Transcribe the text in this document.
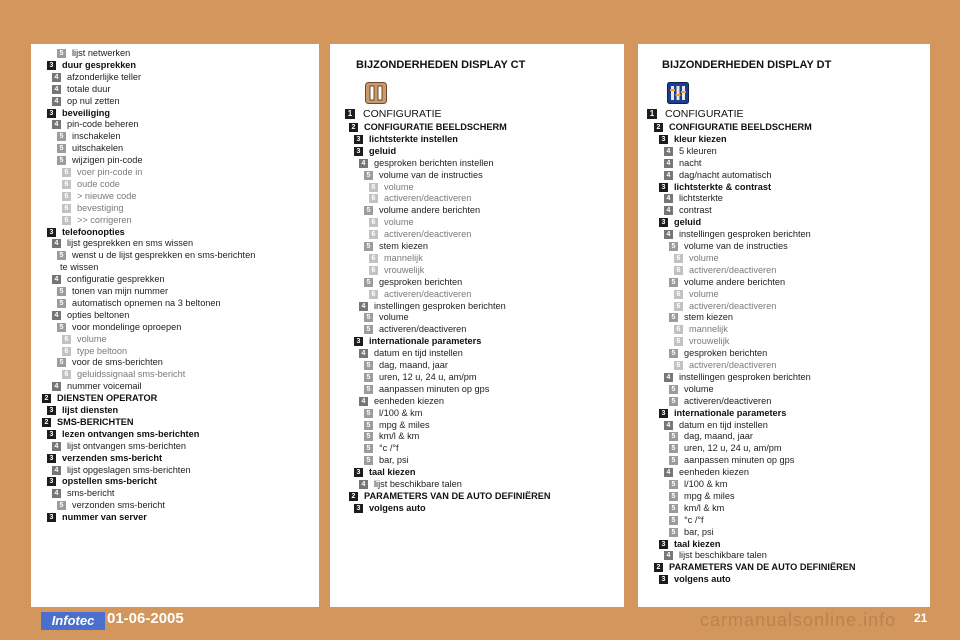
BIJZONDERHEDEN DISPLAY CT
1 CONFIGURATIE
2 CONFIGURATIE BEELDSCHERM
3 lichtsterkte instellen
3 geluid
4 gesproken berichten instellen
5 volume van de instructies
6 volume
6 activeren/deactiveren
5 volume andere berichten
6 volume
6 activeren/deactiveren
5 stem kiezen
6 mannelijk
6 vrouwelijk
5 gesproken berichten
6 activeren/deactiveren
4 instellingen gesproken berichten
5 volume
5 activeren/deactiveren
3 internationale parameters
4 datum en tijd instellen
5 dag, maand, jaar
5 uren, 12 u, 24 u, am/pm
5 aanpassen minuten op gps
4 eenheden kiezen
5 l/100 & km
5 mpg & miles
5 km/l & km
5 °c /°f
5 bar, psi
3 taal kiezen
4 lijst beschikbare talen
2 PARAMETERS VAN DE AUTO DEFINIËREN
3 volgens auto
BIJZONDERHEDEN DISPLAY DT
1 CONFIGURATIE
2 CONFIGURATIE BEELDSCHERM
3 kleur kiezen
4 5 kleuren
4 nacht
4 dag/nacht automatisch
3 lichtsterkte & contrast
4 lichtsterkte
4 contrast
3 geluid
4 instellingen gesproken berichten
5 volume van de instructies
6 volume
6 activeren/deactiveren
5 volume andere berichten
6 volume
6 activeren/deactiveren
5 stem kiezen
6 mannelijk
6 vrouwelijk
5 gesproken berichten
6 activeren/deactiveren
4 instellingen gesproken berichten
5 volume
5 activeren/deactiveren
3 internationale parameters
4 datum en tijd instellen
5 dag, maand, jaar
5 uren, 12 u, 24 u, am/pm
5 aanpassen minuten op gps
4 eenheden kiezen
5 l/100 & km
5 mpg & miles
5 km/l & km
5 °c /°f
5 bar, psi
3 taal kiezen
4 lijst beschikbare talen
2 PARAMETERS VAN DE AUTO DEFINIËREN
3 volgens auto
5 lijst netwerken
3 duur gesprekken
4 afzonderlijke teller
4 totale duur
4 op nul zetten
3 beveiliging
4 pin-code beheren
5 inschakelen
5 uitschakelen
5 wijzigen pin-code
6 voer pin-code in
6 oude code
6 > nieuwe code
6 bevestiging
6 >> corrigeren
3 telefoonopties
4 lijst gesprekken en sms wissen
5 wenst u de lijst gesprekken en sms-berichten
te wissen
4 configuratie gesprekken
5 tonen van mijn nummer
5 automatisch opnemen na 3 beltonen
4 opties beltonen
5 voor mondelinge oproepen
6 volume
6 type beltoon
5 voor de sms-berichten
6 geluidssignaal sms-bericht
4 nummer voicemail
2 DIENSTEN OPERATOR
3 lijst diensten
2 SMS-BERICHTEN
3 lezen ontvangen sms-berichten
4 lijst ontvangen sms-berichten
3 verzenden sms-bericht
4 lijst opgeslagen sms-berichten
3 opstellen sms-bericht
4 sms-bericht
5 verzonden sms-bericht
3 nummer van server
Infotec 01-06-2005	carmanualsonline.info 21
